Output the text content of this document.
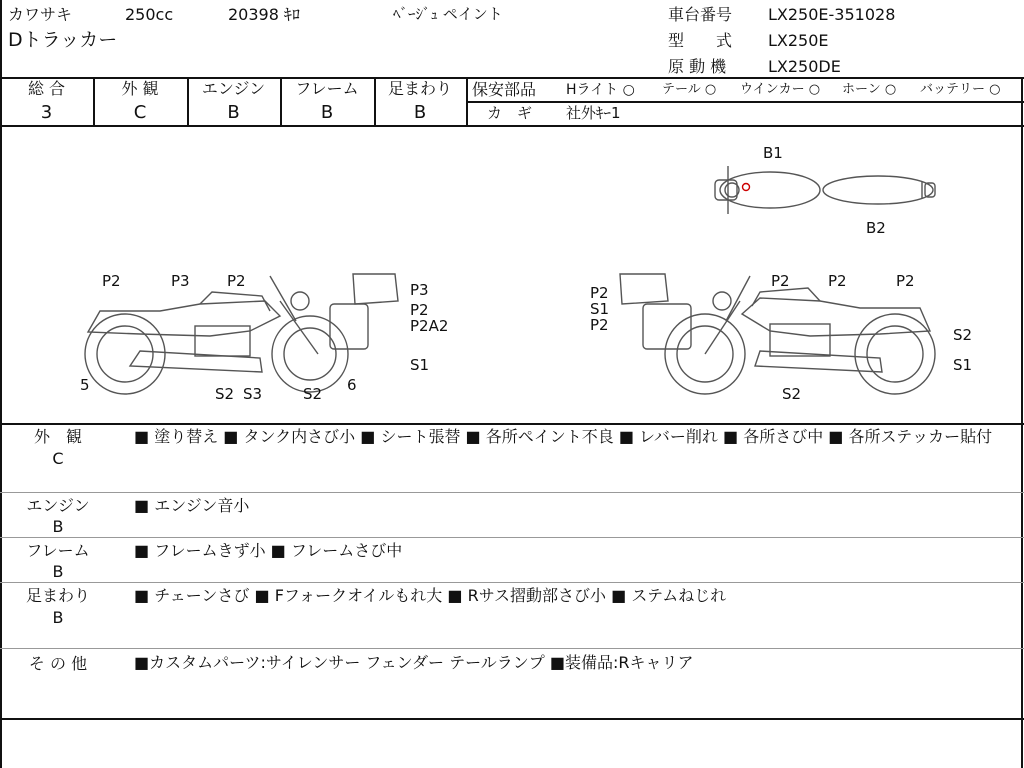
カワサキ	250cc	20398 ｷﾛ	ﾍﾞｰｼﾞｭ ペイント
Dトラッカー
車台番号 LX250E-351028
型　　式 LX250E
原 動 機	LX250DE
総 合
3
外 観
C
エンジン
B
フレーム
B
足まわり
B
保安部品 Hライト ○ テール ○ ウインカー ○ ホーン ○ バッテリー ○
カ　ギ 社外ｷｰ1
B1
B2
P2	P3 P2	P3
P2
P2A2
S1
5	S2 S3	S2 6
P2
S1
P2
P2	P2	P2
S2
S1
S2
外　観
C
■ 塗り替え ■ タンク内さび小 ■ シート張替 ■ 各所ペイント不良 ■ レバー削れ ■ 各所さび中 ■ 各所ステッカー貼付
エンジン
B
■ エンジン音小
フレーム
B
■ フレームきず小 ■ フレームさび中
足まわり
B
■ チェーンさび ■ Fフォークオイルもれ大 ■ Rサス摺動部さび小 ■ ステムねじれ
そ の 他	■カスタムパーツ:サイレンサー フェンダー テールランプ ■装備品:Rキャリア
